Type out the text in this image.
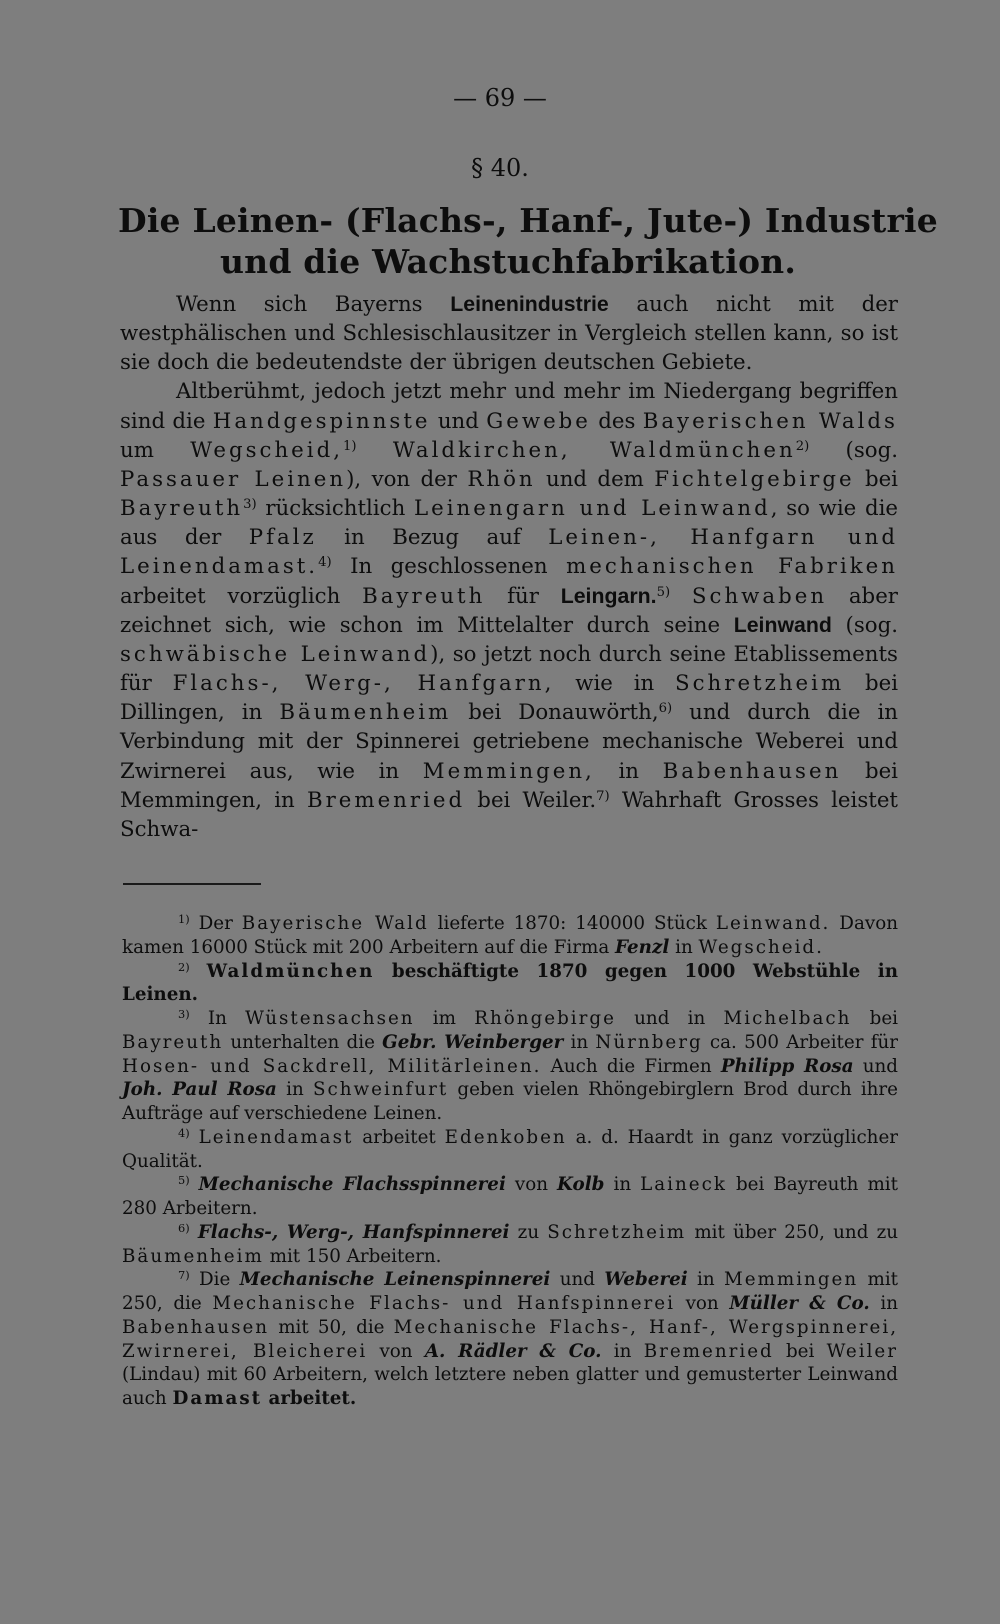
— 69 —
§ 40.
Die Leinen- (Flachs-, Hanf-, Jute-) Industrie
und die Wachstuchfabrikation.

Wenn sich Bayerns Leinenindustrie auch nicht mit der westphälischen und Schlesischlausitzer in Vergleich stellen kann, so ist sie doch die bedeutendste der übrigen deutschen Gebiete.

Altberühmt, jedoch jetzt mehr und mehr im Niedergang begriffen sind die Handgespinnste und Gewebe des Bayerischen Walds um Wegscheid,$^{1)}$ Waldkirchen, Waldmünchen$^{2)}$ (sog. Passauer Leinen), von der Rhön und dem Fichtelgebirge bei Bayreuth$^{3)}$ rücksichtlich Leinengarn und Leinwand, so wie die aus der Pfalz in Bezug auf Leinen-, Hanfgarn und Leinendamast.$^{4)}$ In geschlossenen mechanischen Fabriken arbeitet vorzüglich Bayreuth für Leingarn.$^{5)}$ Schwaben aber zeichnet sich, wie schon im Mittelalter durch seine Leinwand (sog. schwäbische Leinwand), so jetzt noch durch seine Etablissements für Flachs-, Werg-, Hanfgarn, wie in Schretzheim bei Dillingen, in Bäumenheim bei Donauwörth,$^{6)}$ und durch die in Verbindung mit der Spinnerei getriebene mechanische Weberei und Zwirnerei aus, wie in Memmingen, in Babenhausen bei Memmingen, in Bremenried bei Weiler.$^{7)}$ Wahrhaft Grosses leistet Schwa-

$^{1)}$ Der Bayerische Wald lieferte 1870: 140000 Stück Leinwand. Davon kamen 16000 Stück mit 200 Arbeitern auf die Firma Fenzl in Wegscheid.

$^{2)}$ Waldmünchen beschäftigte 1870 gegen 1000 Webstühle in Leinen.

$^{3)}$ In Wüstensachsen im Rhöngebirge und in Michelbach bei Bayreuth unterhalten die Gebr. Weinberger in Nürnberg ca. 500 Arbeiter für Hosen- und Sackdrell, Militärleinen. Auch die Firmen Philipp Rosa und Joh. Paul Rosa in Schweinfurt geben vielen Rhöngebirglern Brod durch ihre Aufträge auf verschiedene Leinen.

$^{4)}$ Leinendamast arbeitet Edenkoben a. d. Haardt in ganz vorzüglicher Qualität.

$^{5)}$ Mechanische Flachsspinnerei von Kolb in Laineck bei Bayreuth mit 280 Arbeitern.

$^{6)}$ Flachs-, Werg-, Hanfspinnerei zu Schretzheim mit über 250, und zu Bäumenheim mit 150 Arbeitern.

$^{7)}$ Die Mechanische Leinenspinnerei und Weberei in Memmingen mit 250, die Mechanische Flachs- und Hanfspinnerei von Müller & Co. in Babenhausen mit 50, die Mechanische Flachs-, Hanf-, Wergspinnerei, Zwirnerei, Bleicherei von A. Rädler & Co. in Bremenried bei Weiler (Lindau) mit 60 Arbeitern, welch letztere neben glatter und gemusterter Leinwand auch Damast arbeitet.
